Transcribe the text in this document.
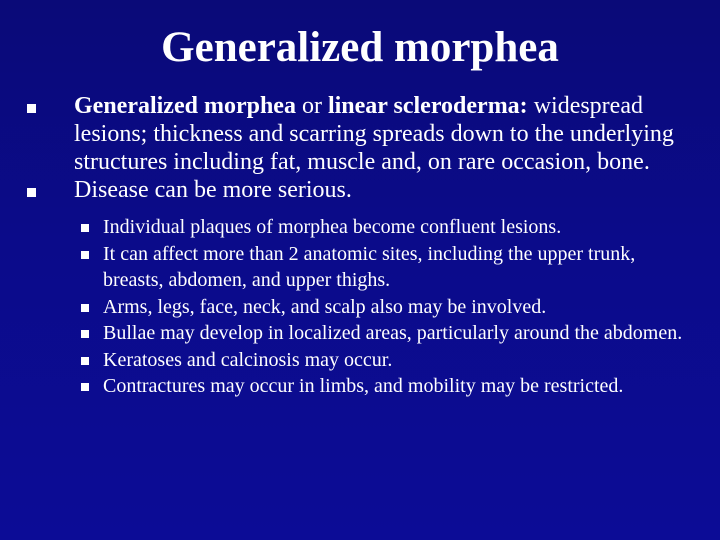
Generalized morphea
Generalized morphea or linear scleroderma: widespread lesions; thickness and scarring spreads down to the underlying structures including fat, muscle and, on rare occasion, bone.
Disease can be more serious.
Individual plaques of morphea become confluent lesions.
It can affect more than 2 anatomic sites, including the upper trunk, breasts, abdomen, and upper thighs.
Arms, legs, face, neck, and scalp also may be involved.
Bullae may develop in localized areas, particularly around the abdomen.
Keratoses and calcinosis may occur.
Contractures may occur in limbs, and mobility may be restricted.
